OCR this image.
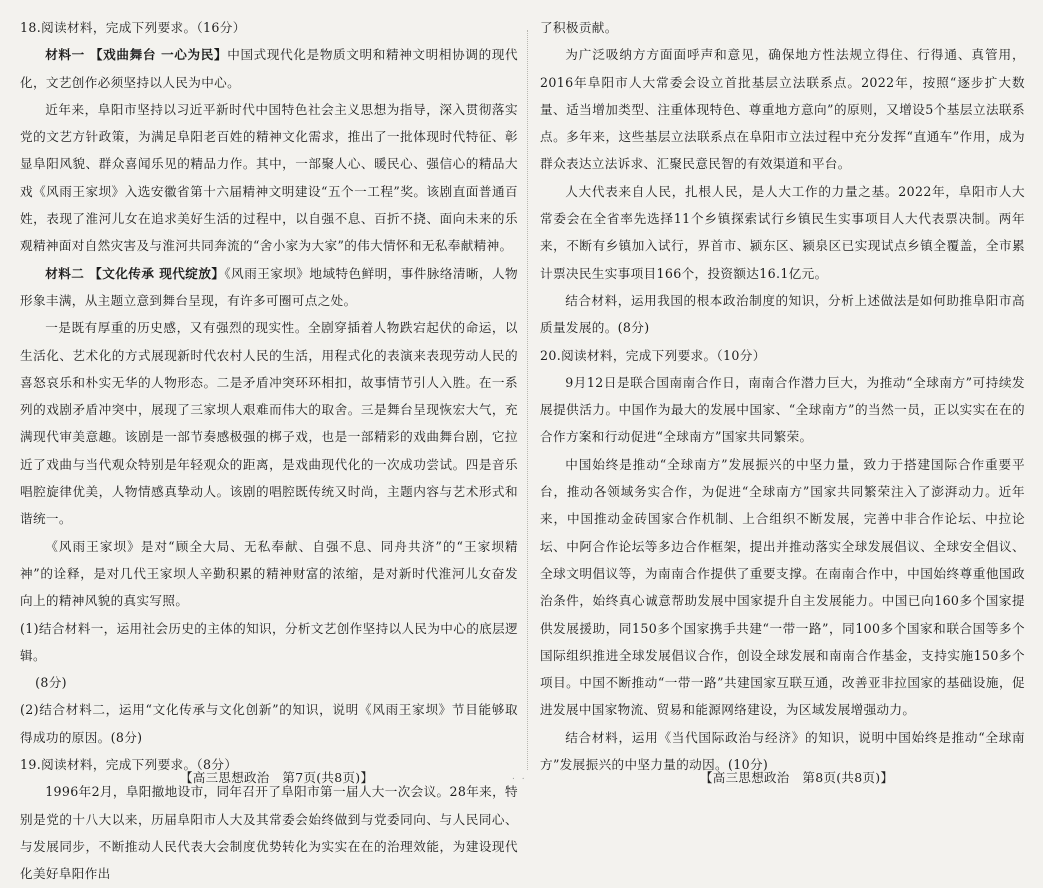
18.阅读材料，完成下列要求。（16分）

材料一 【戏曲舞台 一心为民】中国式现代化是物质文明和精神文明相协调的现代化，文艺创作必须坚持以人民为中心。

近年来，阜阳市坚持以习近平新时代中国特色社会主义思想为指导，深入贯彻落实党的文艺方针政策，为满足阜阳老百姓的精神文化需求，推出了一批体现时代特征、彰显阜阳风貌、群众喜闻乐见的精品力作。其中，一部聚人心、暖民心、强信心的精品大戏《风雨王家坝》入选安徽省第十六届精神文明建设“五个一工程”奖。该剧直面普通百姓，表现了淮河儿女在追求美好生活的过程中，以自强不息、百折不挠、面向未来的乐观精神面对自然灾害及与淮河共同奔流的“舍小家为大家”的伟大情怀和无私奉献精神。

材料二 【文化传承 现代绽放】《风雨王家坝》地域特色鲜明，事件脉络清晰，人物形象丰满，从主题立意到舞台呈现，有许多可圈可点之处。

一是既有厚重的历史感，又有强烈的现实性。全剧穿插着人物跌宕起伏的命运，以生活化、艺术化的方式展现新时代农村人民的生活，用程式化的表演来表现劳动人民的喜怒哀乐和朴实无华的人物形态。二是矛盾冲突环环相扣，故事情节引人入胜。在一系列的戏剧矛盾冲突中，展现了三家坝人艰难而伟大的取舍。三是舞台呈现恢宏大气，充满现代审美意趣。该剧是一部节奏感极强的梆子戏，也是一部精彩的戏曲舞台剧，它拉近了戏曲与当代观众特别是年轻观众的距离，是戏曲现代化的一次成功尝试。四是音乐唱腔旋律优美，人物情感真挚动人。该剧的唱腔既传统又时尚，主题内容与艺术形式和谐统一。

《风雨王家坝》是对“顾全大局、无私奉献、自强不息、同舟共济”的“王家坝精神”的诠释，是对几代王家坝人辛勤积累的精神财富的浓缩，是对新时代淮河儿女奋发向上的精神风貌的真实写照。

(1)结合材料一，运用社会历史的主体的知识，分析文艺创作坚持以人民为中心的底层逻辑。

(8分)

(2)结合材料二，运用“文化传承与文化创新”的知识，说明《风雨王家坝》节目能够取得成功的原因。(8分)

19.阅读材料，完成下列要求。（8分）

1996年2月，阜阳撤地设市，同年召开了阜阳市第一届人大一次会议。28年来，特别是党的十八大以来，历届阜阳市人大及其常委会始终做到与党委同向、与人民同心、与发展同步，不断推动人民代表大会制度优势转化为实实在在的治理效能，为建设现代化美好阜阳作出

. .

了积极贡献。

为广泛吸纳方方面面呼声和意见，确保地方性法规立得住、行得通、真管用，2016年阜阳市人大常委会设立首批基层立法联系点。2022年，按照“逐步扩大数量、适当增加类型、注重体现特色、尊重地方意向”的原则，又增设5个基层立法联系点。多年来，这些基层立法联系点在阜阳市立法过程中充分发挥“直通车”作用，成为群众表达立法诉求、汇聚民意民智的有效渠道和平台。

人大代表来自人民，扎根人民，是人大工作的力量之基。2022年，阜阳市人大常委会在全省率先选择11个乡镇探索试行乡镇民生实事项目人大代表票决制。两年来，不断有乡镇加入试行，界首市、颍东区、颍泉区已实现试点乡镇全覆盖，全市累计票决民生实事项目166个，投资额达16.1亿元。

结合材料，运用我国的根本政治制度的知识，分析上述做法是如何助推阜阳市高质量发展的。(8分)

20.阅读材料，完成下列要求。（10分）

9月12日是联合国南南合作日，南南合作潜力巨大，为推动“全球南方”可持续发展提供活力。中国作为最大的发展中国家、“全球南方”的当然一员，正以实实在在的合作方案和行动促进“全球南方”国家共同繁荣。

中国始终是推动“全球南方”发展振兴的中坚力量，致力于搭建国际合作重要平台，推动各领域务实合作，为促进“全球南方”国家共同繁荣注入了澎湃动力。近年来，中国推动金砖国家合作机制、上合组织不断发展，完善中非合作论坛、中拉论坛、中阿合作论坛等多边合作框架，提出并推动落实全球发展倡议、全球安全倡议、全球文明倡议等，为南南合作提供了重要支撑。在南南合作中，中国始终尊重他国政治条件，始终真心诚意帮助发展中国家提升自主发展能力。中国已向160多个国家提供发展援助，同150多个国家携手共建“一带一路”，同100多个国家和联合国等多个国际组织推进全球发展倡议合作，创设全球发展和南南合作基金，支持实施150多个项目。中国不断推动“一带一路”共建国家互联互通，改善亚非拉国家的基础设施，促进发展中国家物流、贸易和能源网络建设，为区域发展增强动力。

结合材料，运用《当代国际政治与经济》的知识，说明中国始终是推动“全球南方”发展振兴的中坚力量的动因。(10分)

【高三思想政治　第7页(共8页)】	【高三思想政治　第8页(共8页)】
